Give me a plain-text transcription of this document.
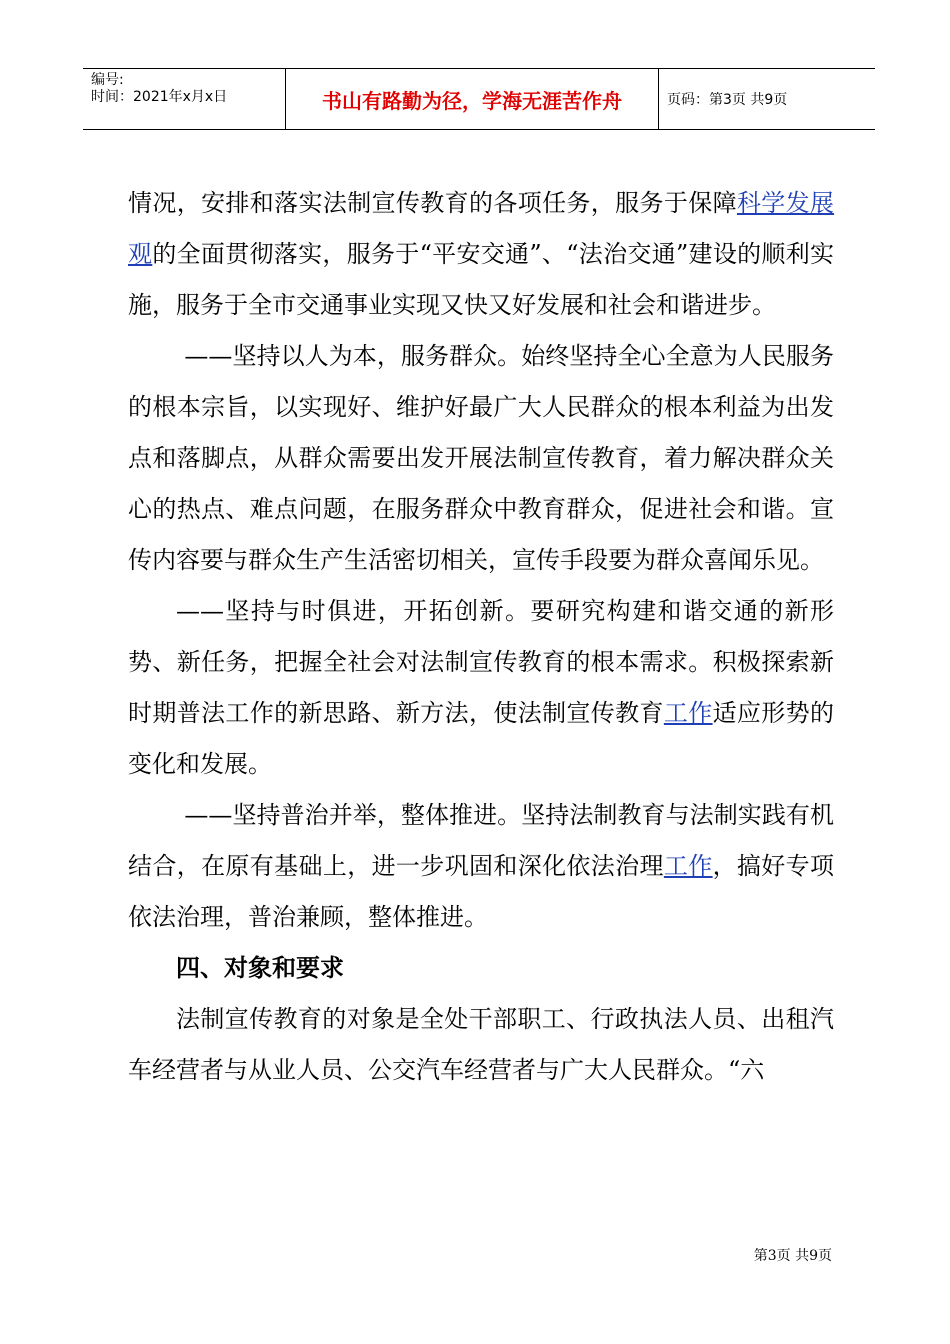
编号:
时间：2021年x月x日	书山有路勤为径，学海无涯苦作舟	页码：第3页 共9页

情况，安排和落实法制宣传教育的各项任务，服务于保障科学发展观的全面贯彻落实，服务于“平安交通”、“法治交通”建设的顺利实施，服务于全市交通事业实现又快又好发展和社会和谐进步。

——坚持以人为本，服务群众。始终坚持全心全意为人民服务的根本宗旨，以实现好、维护好最广大人民群众的根本利益为出发点和落脚点，从群众需要出发开展法制宣传教育，着力解决群众关心的热点、难点问题，在服务群众中教育群众，促进社会和谐。宣传内容要与群众生产生活密切相关，宣传手段要为群众喜闻乐见。

——坚持与时俱进，开拓创新。要研究构建和谐交通的新形势、新任务，把握全社会对法制宣传教育的根本需求。积极探索新时期普法工作的新思路、新方法，使法制宣传教育工作适应形势的变化和发展。

——坚持普治并举，整体推进。坚持法制教育与法制实践有机结合，在原有基础上，进一步巩固和深化依法治理工作，搞好专项依法治理，普治兼顾，整体推进。

四、对象和要求

法制宣传教育的对象是全处干部职工、行政执法人员、出租汽车经营者与从业人员、公交汽车经营者与广大人民群众。“六

第3页 共9页
